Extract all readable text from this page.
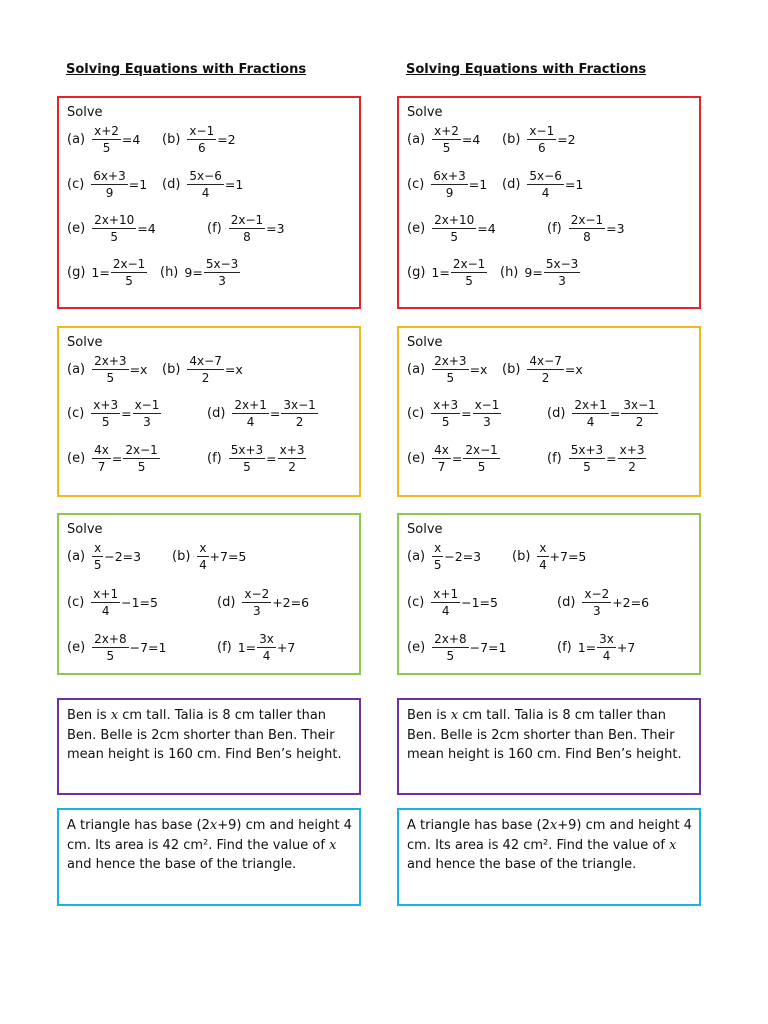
Solving Equations with Fractions
Solve
$(a) \frac{x+2}{5} =4$ $(b) \frac{x-1}{6} =2$
$(c) \frac{6x+3}{9} =1$ $(d) \frac{5x-6}{4} =1$
$(e) \frac{2x+10}{5} =4$	$(f) \frac{2x-1}{8} =3$
(g) $1= \frac{2x-1}{5} (h)$ $9= \frac{5x-3}{3}$
Solve
$(a) \frac{2x+3}{5} =x$ $(b) \frac{4x-7}{2} =x$
$(c) \frac{x+3}{5} = \frac{x-1}{3}$	$(d) \frac{2x+1}{4} = \frac{3x-1}{2}$
$(e) \frac{4x}{7} = \frac{2x-1}{5}$	$(f) \frac{5x+3}{5} = \frac{x+3}{2}$
Solve
$(a) \frac{x}{5} -2=3$ $(b) \frac{x}{4} +7=5$
$(c) \frac{x+1}{4} -1=5$	$(d) \frac{x-2}{3} +2=6$
$(e) \frac{2x+8}{5} -7=1$	(f) $1= \frac{3x}{4} +7$
Ben is x cm tall. Talia is 8 cm taller than Ben. Belle is 2cm shorter than Ben. Their mean height is 160 cm. Find Ben’s height.
A triangle has base (2x+9) cm and height 4 cm. Its area is 42 cm². Find the value of x and hence the base of the triangle.
Solving Equations with Fractions
Solve
$(a) \frac{x+2}{5} =4$ $(b) \frac{x-1}{6} =2$
$(c) \frac{6x+3}{9} =1$ $(d) \frac{5x-6}{4} =1$
$(e) \frac{2x+10}{5} =4$	$(f) \frac{2x-1}{8} =3$
(g) $1= \frac{2x-1}{5} (h)$ $9= \frac{5x-3}{3}$
Solve
$(a) \frac{2x+3}{5} =x$ $(b) \frac{4x-7}{2} =x$
$(c) \frac{x+3}{5} = \frac{x-1}{3}$	$(d) \frac{2x+1}{4} = \frac{3x-1}{2}$
$(e) \frac{4x}{7} = \frac{2x-1}{5}$	$(f) \frac{5x+3}{5} = \frac{x+3}{2}$
Solve
$(a) \frac{x}{5} -2=3$ $(b) \frac{x}{4} +7=5$
$(c) \frac{x+1}{4} -1=5$	$(d) \frac{x-2}{3} +2=6$
$(e) \frac{2x+8}{5} -7=1$	(f) $1= \frac{3x}{4} +7$
Ben is x cm tall. Talia is 8 cm taller than Ben. Belle is 2cm shorter than Ben. Their mean height is 160 cm. Find Ben’s height.
A triangle has base (2x+9) cm and height 4 cm. Its area is 42 cm². Find the value of x and hence the base of the triangle.
